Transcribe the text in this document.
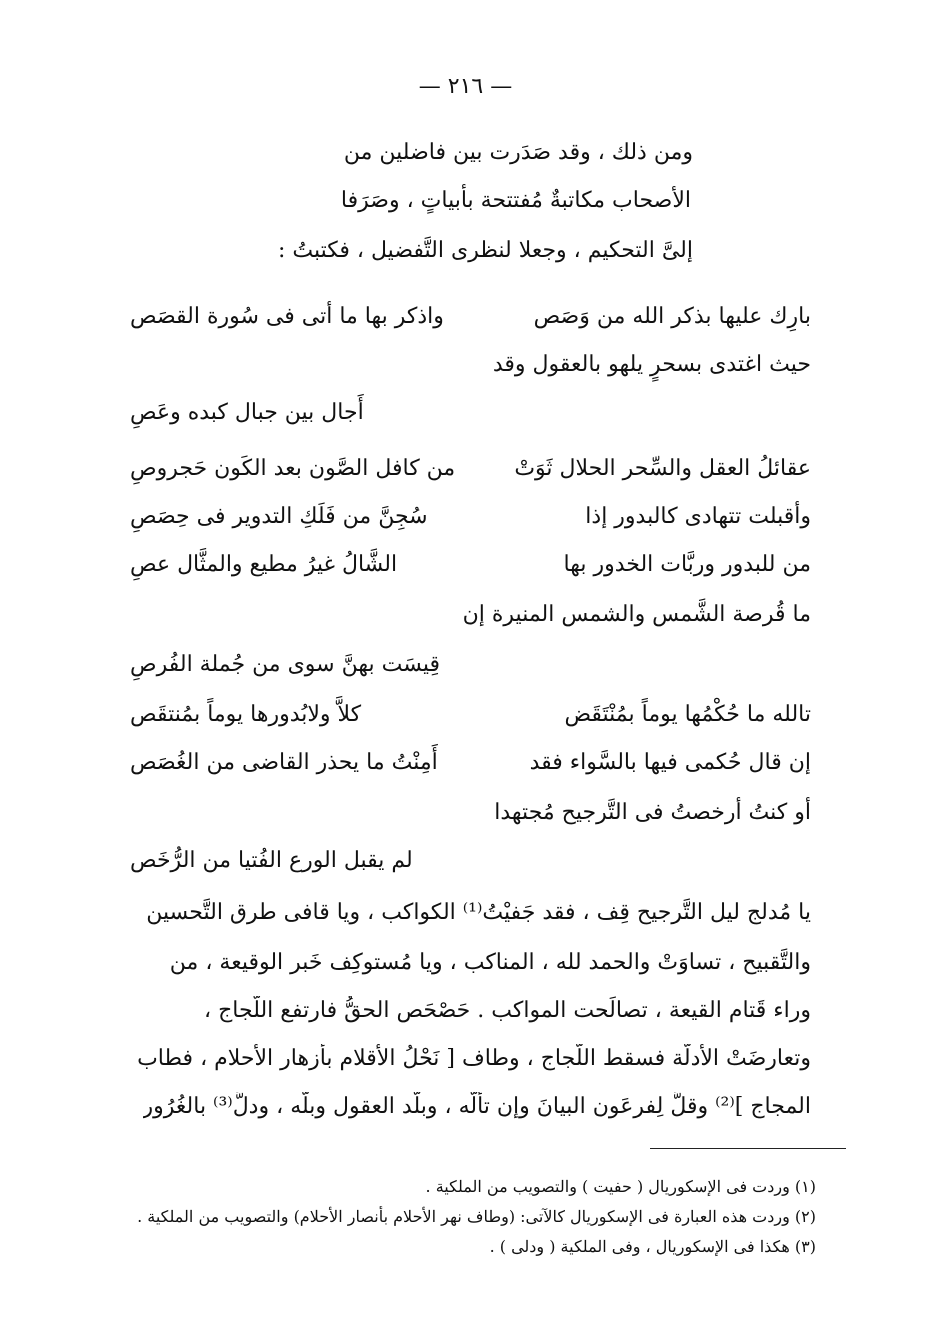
— ٢١٦ —
ومن ذلك ، وقد صَدَرت بين فاضلين من
الأصحاب مكاتبةٌ مُفتتحة بأبياتٍ ، وصَرَفا
إلىَّ التحكيم ، وجعلا لنظرى التَّفضيل ، فكتبتُ :
بارِك عليها بذكر الله من وَصَص
واذكر بها ما أتى فى سُورة القصَص
حيث اغتدى بسحرٍ يلهو بالعقول وقد
أَجال بين جبال كبده وعَصِ
عقائلُ العقل والسِّحر الحلال ثَوَتْ
من كافل الصَّون بعد الكَون حَجروصِ
وأقبلت تتهادى كالبدور إذا
سُجِنَّ من فَلَكِ التدوير فى حِصَصِ
من للبدور وربَّات الخدور بها
الشَّالُ غيرُ مطيع والمثَّال عصِ
ما قُرصة الشَّمس والشمس المنيرة إن
قِيسَت بهنَّ سوى من جُملة الفُرصِ
تالله ما حُكْمُها يوماً بمُنْتَقَض
كلاَّ ولابُدورها يوماً بمُنتقَص
إن قال حُكمى فيها بالسَّواء فقد
أَمِنْتُ ما يحذر القاضى من الغُصَص
أو كنتُ أرخصتُ فى التَّرجيح مُجتهدا
لم يقبل الورع الفُتيا من الرُّخَص
يا مُدلج ليل التَّرجيح قِف ، فقد جَفيْتُ⁽¹⁾ الكواكب ، ويا قافى طرق التَّحسين
والتَّقبيح ، تساوَتْ والحمد لله ، المناكب ، ويا مُستوكِف خَبر الوقيعة ، من
وراء قَتام القيعة ، تصالَحت المواكب . حَصْحَص الحقُّ فارتفع اللَّجاج ،
وتعارضَتْ الأدلَّة فسقط اللُّجاج ، وطاف [ نَحْلُ الأقلام بأزهار الأحلام ، فطاب
المجاج ]⁽²⁾ وقلَّ لِفرعَون البيانَ وإن تألَّه ، وبلَّد العقول وبلَّه ، ودلَّ⁽³⁾ بالغُرُور
(١) وردت فى الإسكوريال ( حفيت ) والتصويب من الملكية .
(٢) وردت هذه العبارة فى الإسكوريال كالآتى: (وطاف نهر الأحلام بأنصار الأحلام) والتصويب من الملكية .
(٣) هكذا فى الإسكوريال ، وفى الملكية ( ودلى ) .
